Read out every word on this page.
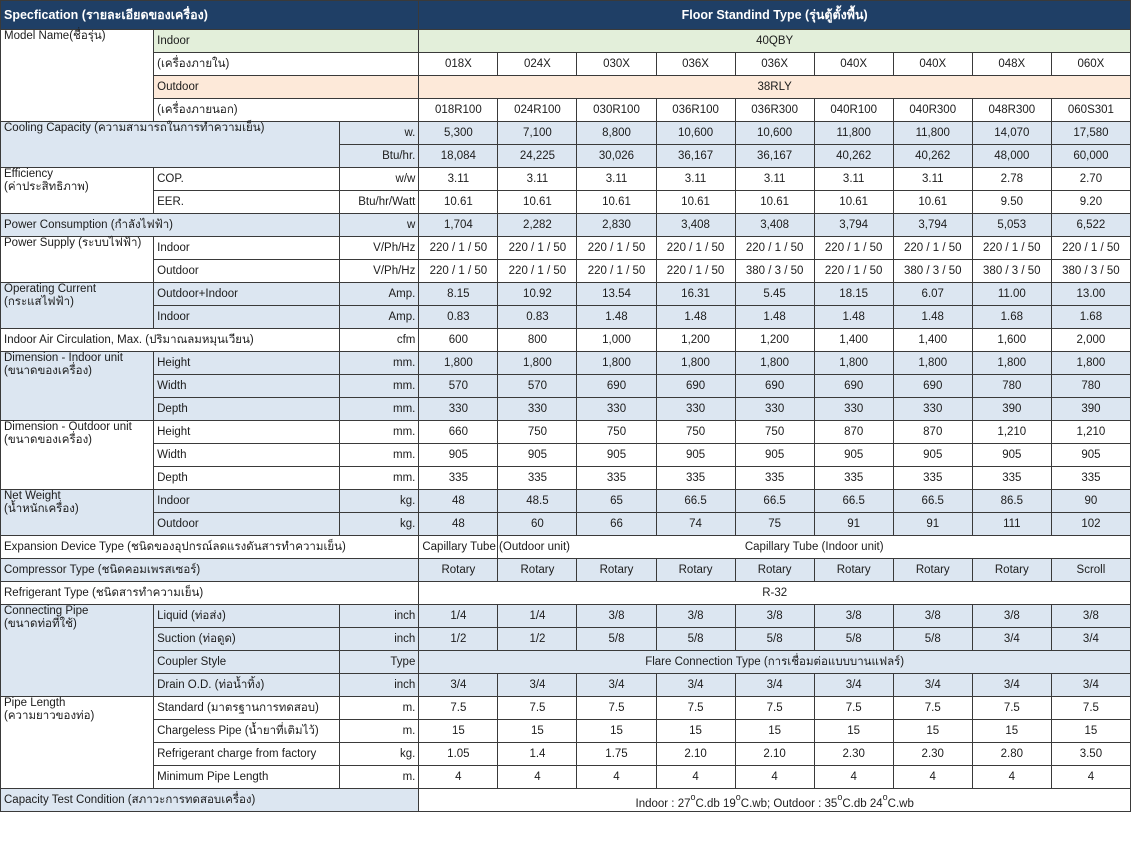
Specfication (รายละเอียดของเครื่อง)			Floor Standind Type (รุ่นตู้ตั้งพื้น)								
Model Name(ชื่อรุ่น)	Indoor		40QBY								
	(เครื่องภายใน)		018X	024X	030X	036X	036X	040X	040X	048X	060X
	Outdoor		38RLY								
	(เครื่องภายนอก)		018R100	024R100	030R100	036R100	036R300	040R100	040R300	048R300	060S301
Cooling Capacity (ความสามารถในการทำความเย็น)		w.	5,300	7,100	8,800	10,600	10,600	11,800	11,800	14,070	17,580
		Btu/hr.	18,084	24,225	30,026	36,167	36,167	40,262	40,262	48,000	60,000

Efficiency
(ค่าประสิทธิภาพ)	COP.	w/w	3.11	3.11	3.11	3.11	3.11	3.11	3.11	2.78	2.70
	EER.	Btu/hr/Watt	10.61	10.61	10.61	10.61	10.61	10.61	10.61	9.50	9.20
Power Consumption (กำลังไฟฟ้า)		w	1,704	2,282	2,830	3,408	3,408	3,794	3,794	5,053	6,522
Power Supply (ระบบไฟฟ้า)	Indoor	V/Ph/Hz	220 / 1 / 50	220 / 1 / 50	220 / 1 / 50	220 / 1 / 50	220 / 1 / 50	220 / 1 / 50	220 / 1 / 50	220 / 1 / 50	220 / 1 / 50
	Outdoor	V/Ph/Hz	220 / 1 / 50	220 / 1 / 50	220 / 1 / 50	220 / 1 / 50	380 / 3 / 50	220 / 1 / 50	380 / 3 / 50	380 / 3 / 50	380 / 3 / 50

Operating Current
(กระแสไฟฟ้า)	Outdoor+Indoor	Amp.	8.15	10.92	13.54	16.31	5.45	18.15	6.07	11.00	13.00
	Indoor	Amp.	0.83	0.83	1.48	1.48	1.48	1.48	1.48	1.68	1.68
Indoor Air Circulation, Max. (ปริมาณลมหมุนเวียน)		cfm	600	800	1,000	1,200	1,200	1,400	1,400	1,600	2,000

Dimension - Indoor unit
(ขนาดของเครื่อง)	Height	mm.	1,800	1,800	1,800	1,800	1,800	1,800	1,800	1,800	1,800
	Width	mm.	570	570	690	690	690	690	690	780	780
	Depth	mm.	330	330	330	330	330	330	330	390	390

Dimension - Outdoor unit
(ขนาดของเครื่อง)	Height	mm.	660	750	750	750	750	870	870	1,210	1,210
	Width	mm.	905	905	905	905	905	905	905	905	905
	Depth	mm.	335	335	335	335	335	335	335	335	335

Net Weight
(น้ำหนักเครื่อง)	Indoor	kg.	48	48.5	65	66.5	66.5	66.5	66.5	86.5	90
	Outdoor	kg.	48	60	66	74	75	91	91	111	102
Expansion Device Type (ชนิดของอุปกรณ์ลดแรงดันสารทำความเย็น)			Capillary Tube (Outdoor unit)	Capillary Tube (Indoor unit)							
Compressor Type (ชนิดคอมเพรสเซอร์)			Rotary	Rotary	Rotary	Rotary	Rotary	Rotary	Rotary	Rotary	Scroll
Refrigerant Type (ชนิดสารทำความเย็น)			R-32								

Connecting Pipe
(ขนาดท่อที่ใช้)	Liquid (ท่อส่ง)	inch	1/4	1/4	3/8	3/8	3/8	3/8	3/8	3/8	3/8
	Suction (ท่อดูด)	inch	1/2	1/2	5/8	5/8	5/8	5/8	5/8	3/4	3/4
	Coupler Style	Type	Flare Connection Type (การเชื่อมต่อแบบบานแฟลร์)								
	Drain O.D. (ท่อน้ำทิ้ง)	inch	3/4	3/4	3/4	3/4	3/4	3/4	3/4	3/4	3/4

Pipe Length
(ความยาวของท่อ)	Standard (มาตรฐานการทดสอบ)	m.	7.5	7.5	7.5	7.5	7.5	7.5	7.5	7.5	7.5
	Chargeless Pipe (น้ำยาที่เติมไว้)	m.	15	15	15	15	15	15	15	15	15
	Refrigerant charge from factory	kg.	1.05	1.4	1.75	2.10	2.10	2.30	2.30	2.80	3.50
	Minimum Pipe Length	m.	4	4	4	4	4	4	4	4	4
Capacity Test Condition (สภาวะการทดสอบเครื่อง)			Indoor : 27$^o$C.db 19$^o$C.wb; Outdoor : 35$^o$C.db 24$^o$C.wb								
